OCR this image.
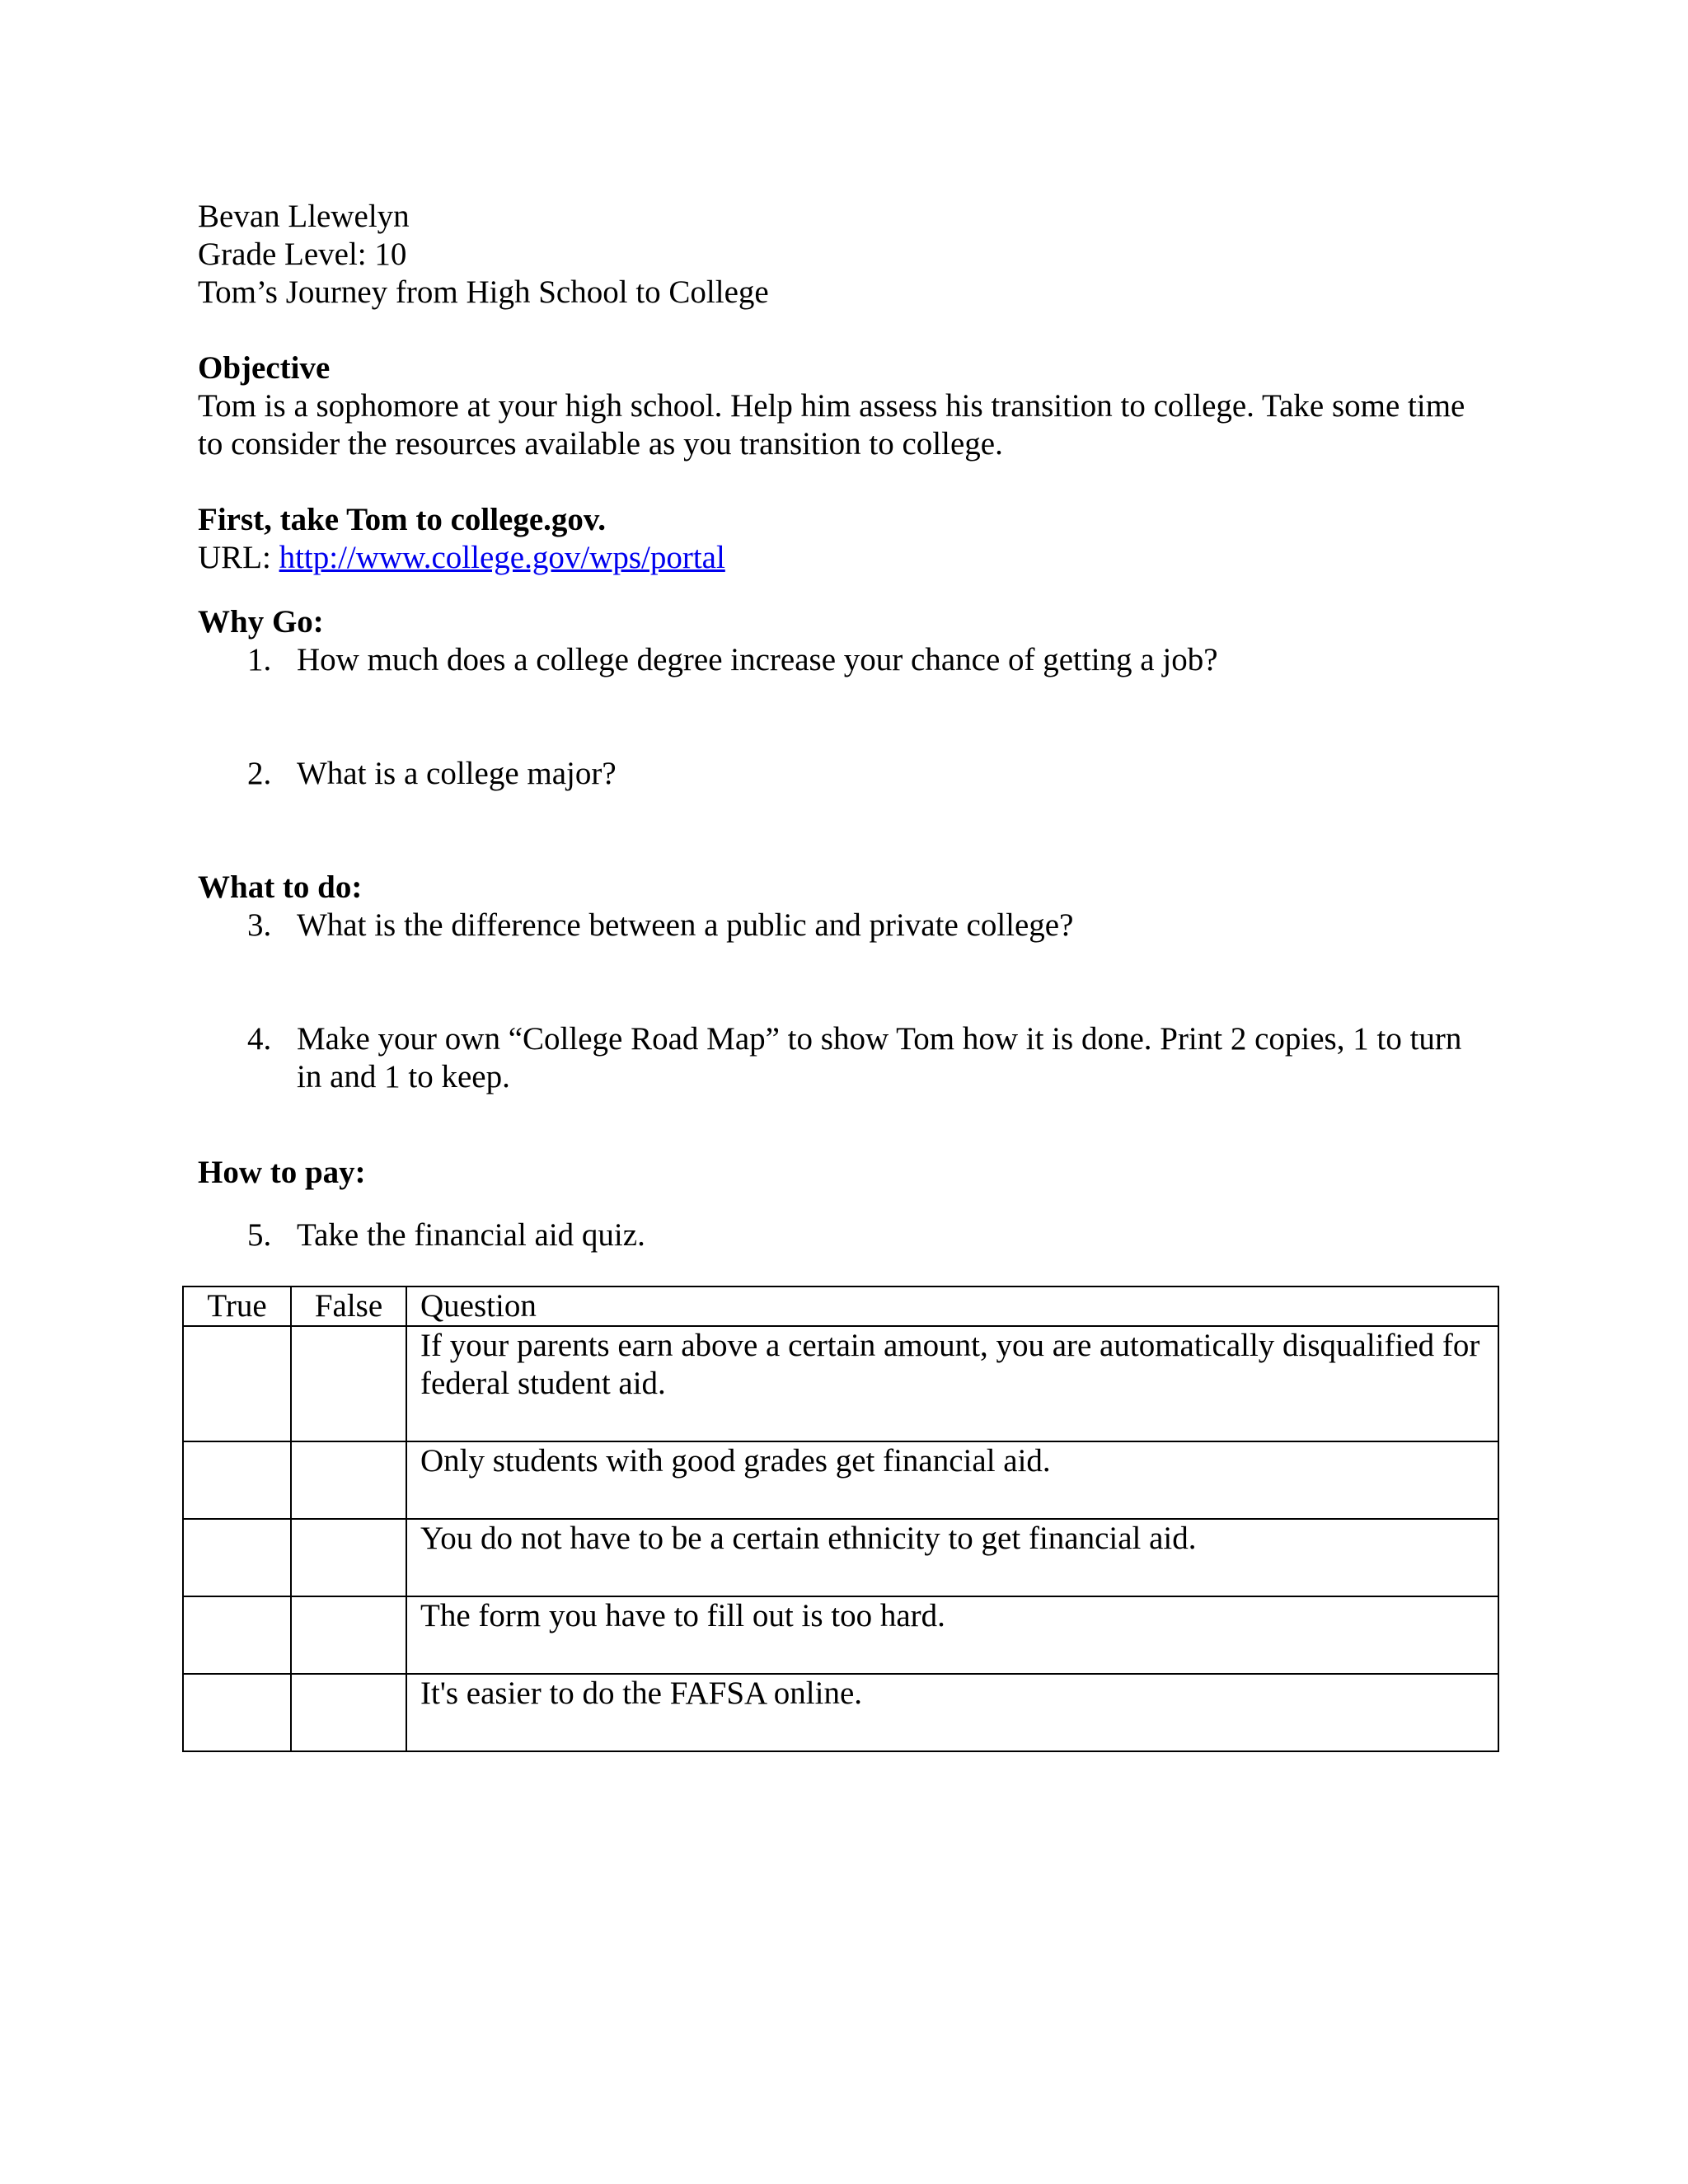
Bevan Llewelyn
Grade Level: 10
Tom’s Journey from High School to College
Objective
Tom is a sophomore at your high school. Help him assess his transition to college. Take some time to consider the resources available as you transition to college.
First, take Tom to college.gov.
URL: http://www.college.gov/wps/portal
Why Go:
1. How much does a college degree increase your chance of getting a job?
2. What is a college major?
What to do:
3. What is the difference between a public and private college?
4. Make your own “College Road Map” to show Tom how it is done. Print 2 copies, 1 to turn in and 1 to keep.
How to pay:
5. Take the financial aid quiz.
True	False	Question
		If your parents earn above a certain amount, you are automatically disqualified for federal student aid.
		Only students with good grades get financial aid.
		You do not have to be a certain ethnicity to get financial aid.
		The form you have to fill out is too hard.
		It's easier to do the FAFSA online.
